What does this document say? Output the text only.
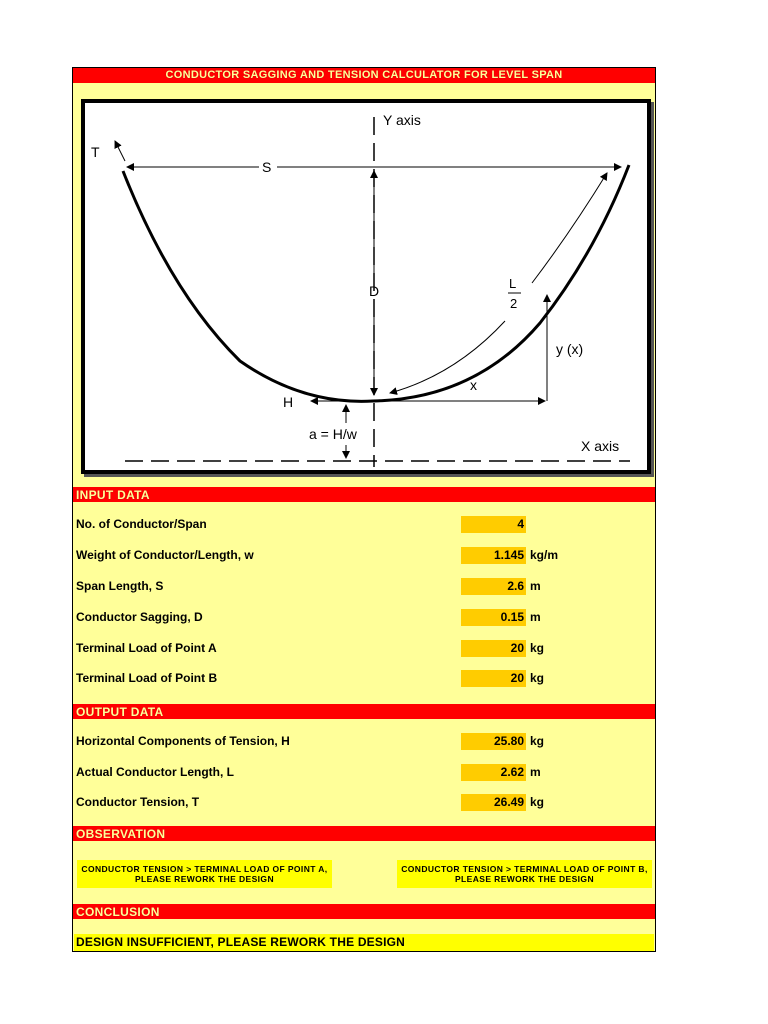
CONDUCTOR SAGGING AND TENSION CALCULATOR FOR LEVEL SPAN
Y axis
X axis
T
S
D	L
2
y (x)
x
H
a = H/w
INPUT DATA
No. of Conductor/Span	4
Weight of Conductor/Length, w	1.145 kg/m
Span Length, S	2.6 m
Conductor Sagging, D	0.15 m
Terminal Load of Point A	20 kg
Terminal Load of Point B	20 kg
OUTPUT DATA
Horizontal Components of Tension, H	25.80 kg
Actual Conductor Length, L	2.62 m
Conductor Tension, T	26.49 kg
OBSERVATION
CONDUCTOR TENSION > TERMINAL LOAD OF POINT A,
PLEASE REWORK THE DESIGN
CONDUCTOR TENSION > TERMINAL LOAD OF POINT B,
PLEASE REWORK THE DESIGN
CONCLUSION
DESIGN INSUFFICIENT, PLEASE REWORK THE DESIGN
